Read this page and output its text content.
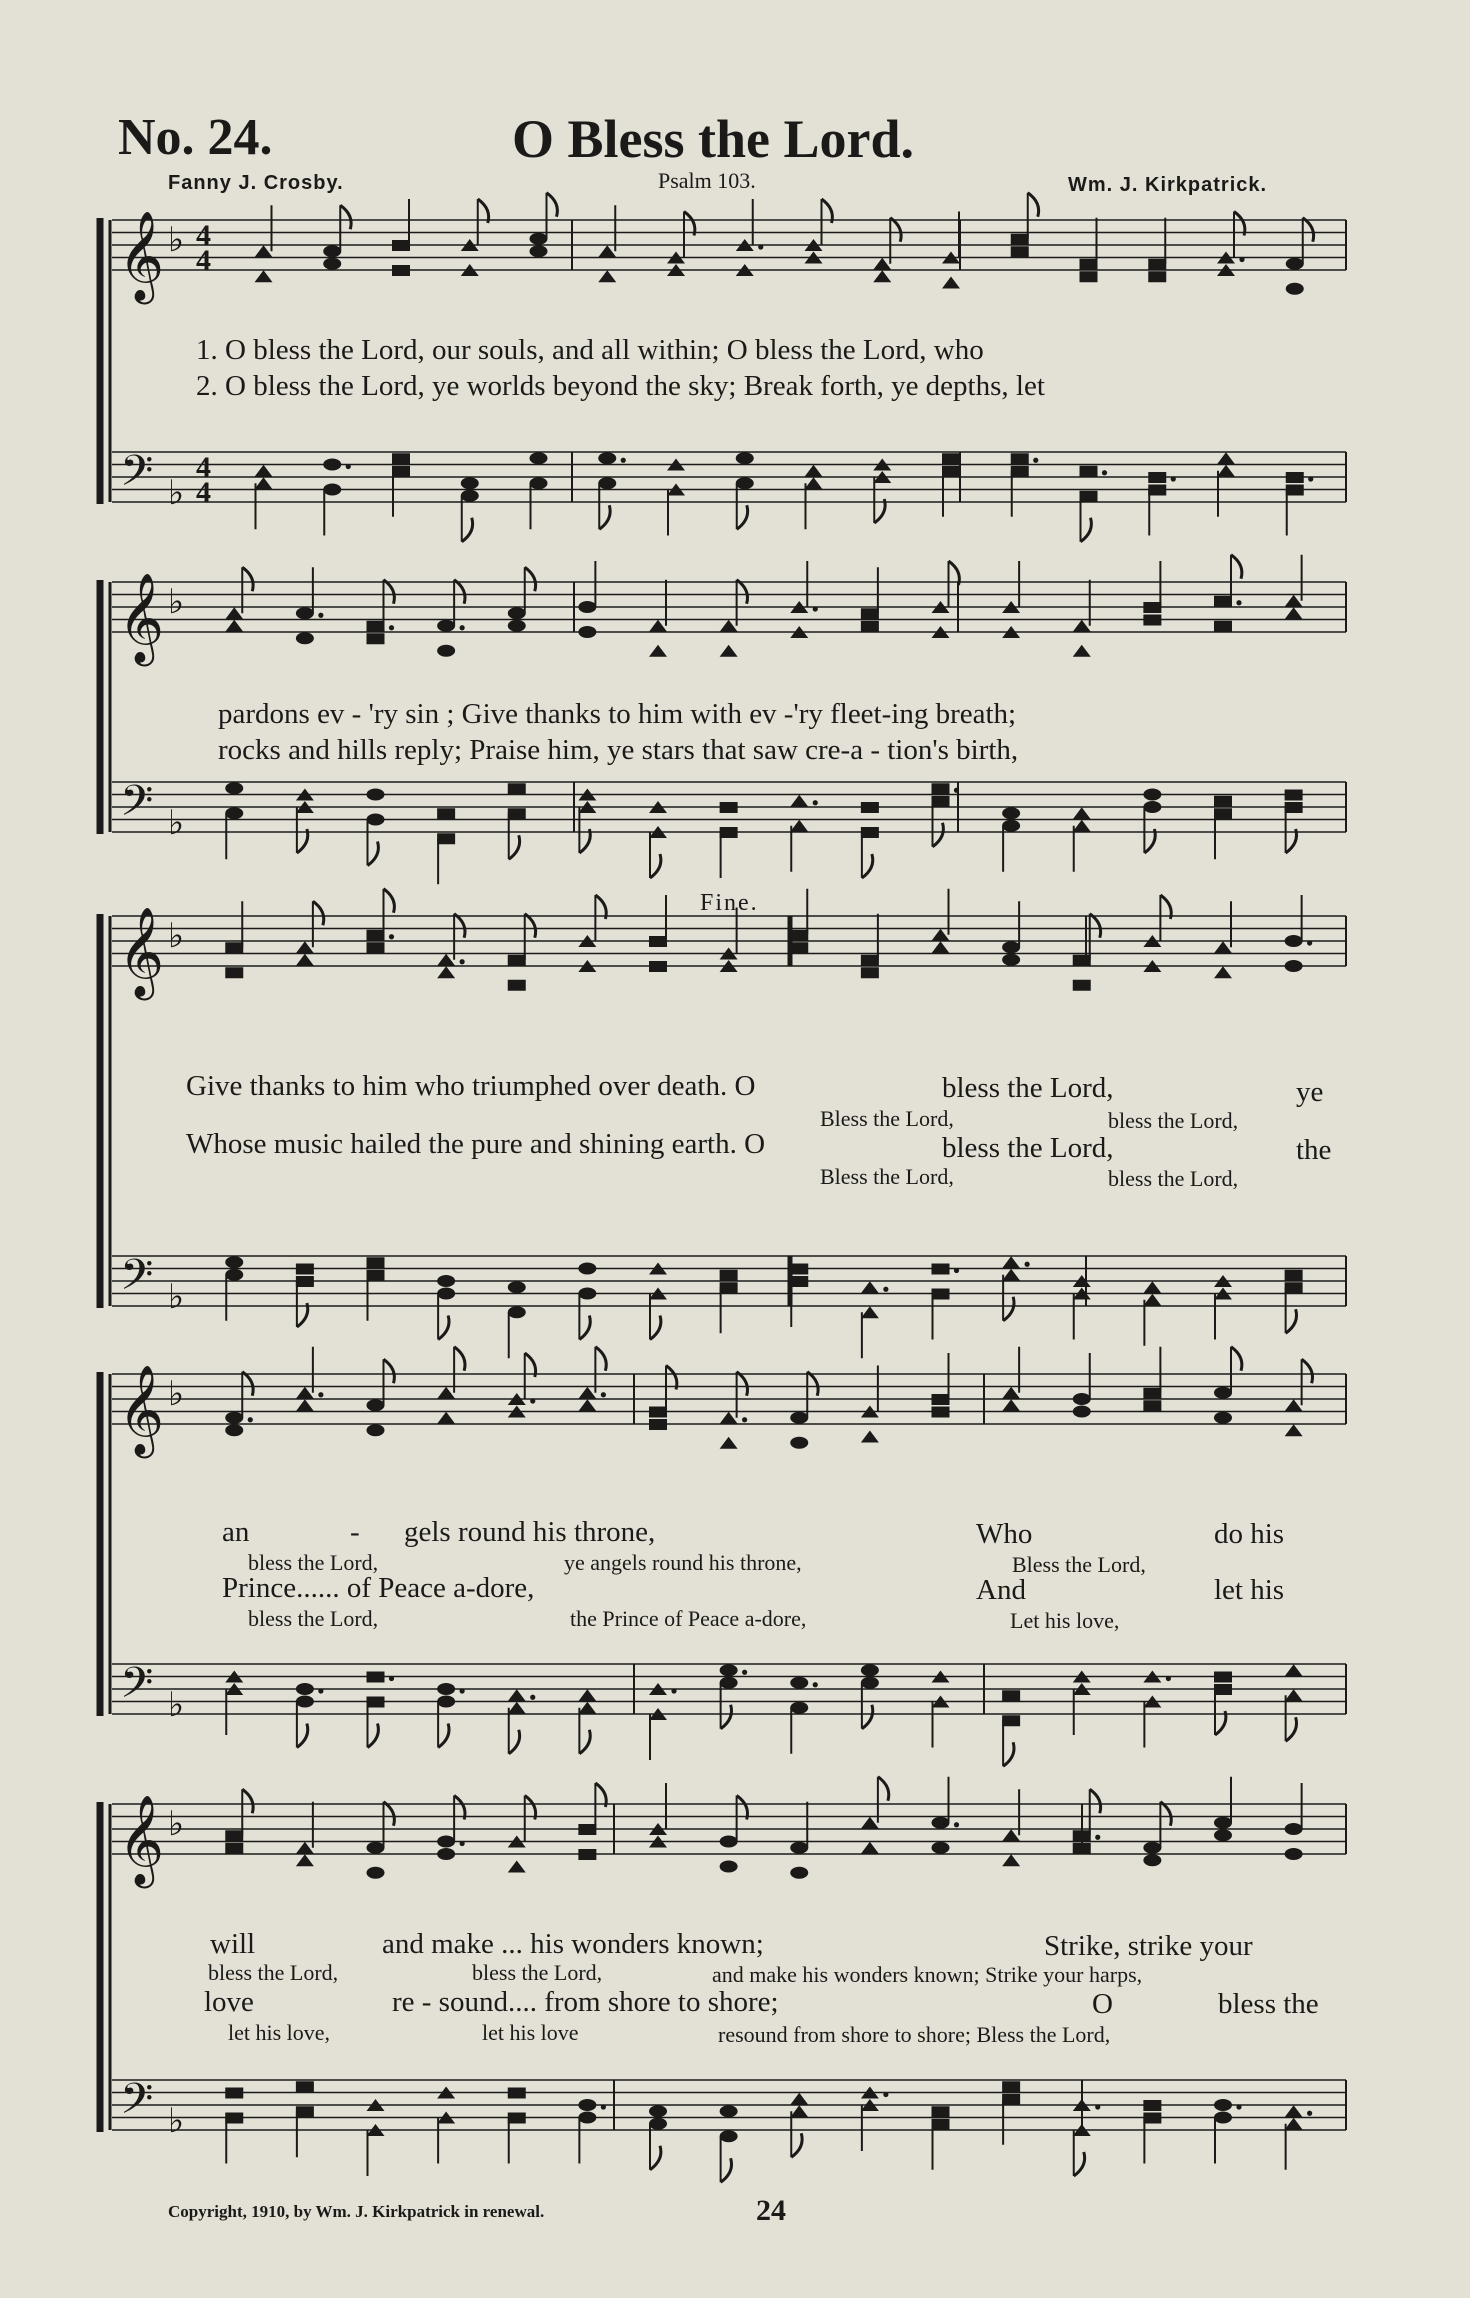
No. 24.	O Bless the Lord.
Fanny J. Crosby.	Psalm 103.	Wm. J. Kirkpatrick.
𝄞 ♭ 4
4
𝄢 ♭
4
4
𝄞 ♭
𝄢 ♭
𝄞 ♭
𝄢 ♭
𝄞 ♭
𝄢 ♭
𝄞 ♭
𝄢 ♭
1. O bless the Lord, our souls, and all within; O bless the Lord, who
2. O bless the Lord, ye worlds beyond the sky; Break forth, ye depths, let
pardons ev - 'ry sin ; Give thanks to him with ev -'ry fleet-ing breath;
rocks and hills reply; Praise him, ye stars that saw cre-a - tion's birth,
Fine.
Give thanks to him who triumphed over death. O	bless the Lord,	ye
Bless the Lord,	bless the Lord,
Whose music hailed the pure and shining earth. O	bless the Lord,	the
Bless the Lord,	bless the Lord,
an	- gels round his throne,	Who	do his
bless the Lord,	ye angels round his throne,	Bless the Lord,
Prince...... of Peace a-dore,	And	let his
bless the Lord,	the Prince of Peace a-dore,	Let his love,
will	and make ... his wonders known;	Strike, strike your
bless the Lord,	bless the Lord,	and make his wonders known; Strike your harps,
love	re - sound.... from shore to shore;	O	bless the
let his love,	let his love	resound from shore to shore; Bless the Lord,
Copyright, 1910, by Wm. J. Kirkpatrick in renewal.	24
